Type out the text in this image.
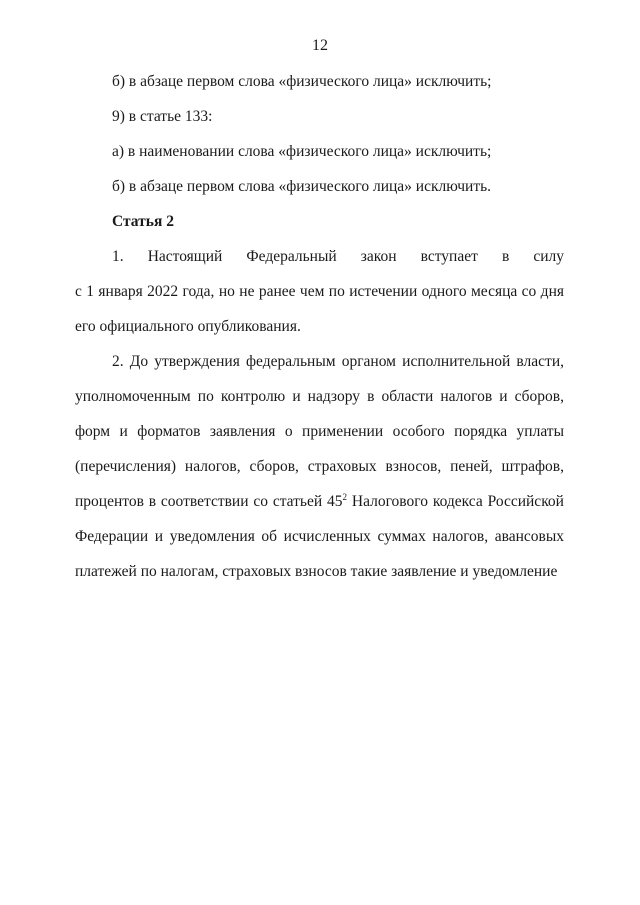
12

б) в абзаце первом слова «физического лица» исключить;

9) в статье 133:

а) в наименовании слова «физического лица» исключить;

б) в абзаце первом слова «физического лица» исключить.

Статья 2

1. Настоящий Федеральный закон вступает в силу

с 1 января 2022 года, но не ранее чем по истечении одного месяца со дня его официального опубликования.

2. До утверждения федеральным органом исполнительной власти, уполномоченным по контролю и надзору в области налогов и сборов, форм и форматов заявления о применении особого порядка уплаты (перечисления) налогов, сборов, страховых взносов, пеней, штрафов, процентов в соответствии со статьей $45^2$ Налогового кодекса Российской Федерации и уведомления об исчисленных суммах налогов, авансовых платежей по налогам, страховых взносов такие заявление и уведомление
